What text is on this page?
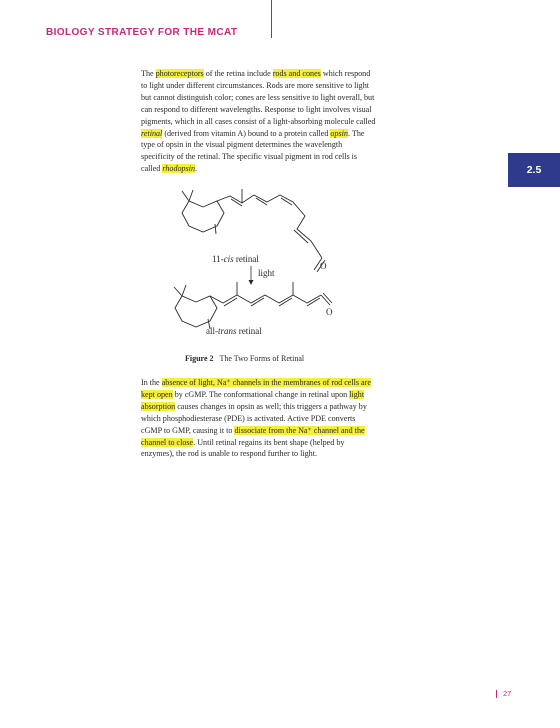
BIOLOGY STRATEGY FOR THE MCAT
2.5

The photoreceptors of the retina include rods and cones which respond to light under different circumstances. Rods are more sensitive to light but cannot distinguish color; cones are less sensitive to light overall, but can respond to different wavelengths. Response to light involves visual pigments, which in all cases consist of a light-absorbing molecule called retinal (derived from vitamin A) bound to a protein called opsin. The type of opsin in the visual pigment determines the wavelength specificity of the retinal. The specific visual pigment in rod cells is called rhodopsin.

O
11-cis retinal
light
O
all-trans retinal
Figure 2 The Two Forms of Retinal

In the absence of light, Na⁺ channels in the membranes of rod cells are kept open by cGMP. The conformational change in retinal upon light absorption causes changes in opsin as well; this triggers a pathway by which phosphodiesterase (PDE) is activated. Active PDE converts cGMP to GMP, causing it to dissociate from the Na⁺ channel and the channel to close. Until retinal regains its bent shape (helped by enzymes), the rod is unable to respond further to light.

27
